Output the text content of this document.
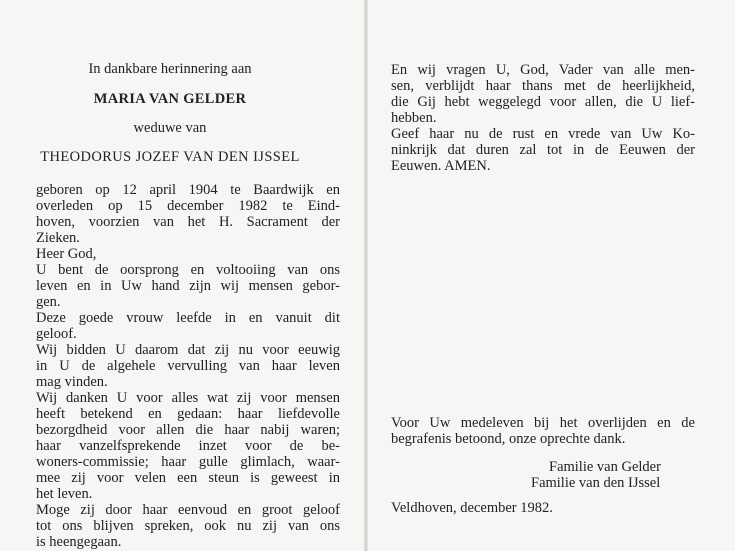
In dankbare herinnering aan
MARIA VAN GELDER
weduwe van
THEODORUS JOZEF VAN DEN IJSSEL
geboren op 12 april 1904 te Baardwijk en
overleden op 15 december 1982 te Eind-
hoven, voorzien van het H. Sacrament der
Zieken.
Heer God,
U bent de oorsprong en voltooiing van ons
leven en in Uw hand zijn wij mensen gebor-
gen.
Deze goede vrouw leefde in en vanuit dit
geloof.
Wij bidden U daarom dat zij nu voor eeuwig
in U de algehele vervulling van haar leven
mag vinden.
Wij danken U voor alles wat zij voor mensen
heeft betekend en gedaan: haar liefdevolle
bezorgdheid voor allen die haar nabij waren;
haar vanzelfsprekende inzet voor de be-
woners-commissie; haar gulle glimlach, waar-
mee zij voor velen een steun is geweest in
het leven.
Moge zij door haar eenvoud en groot geloof
tot ons blijven spreken, ook nu zij van ons
is heengegaan.
En wij vragen U, God, Vader van alle men-
sen, verblijdt haar thans met de heerlijkheid,
die Gij hebt weggelegd voor allen, die U lief-
hebben.
Geef haar nu de rust en vrede van Uw Ko-
ninkrijk dat duren zal tot in de Eeuwen der
Eeuwen. AMEN.
Voor Uw medeleven bij het overlijden en de
begrafenis betoond, onze oprechte dank.
Familie van Gelder
Familie van den IJssel
Veldhoven, december 1982.
